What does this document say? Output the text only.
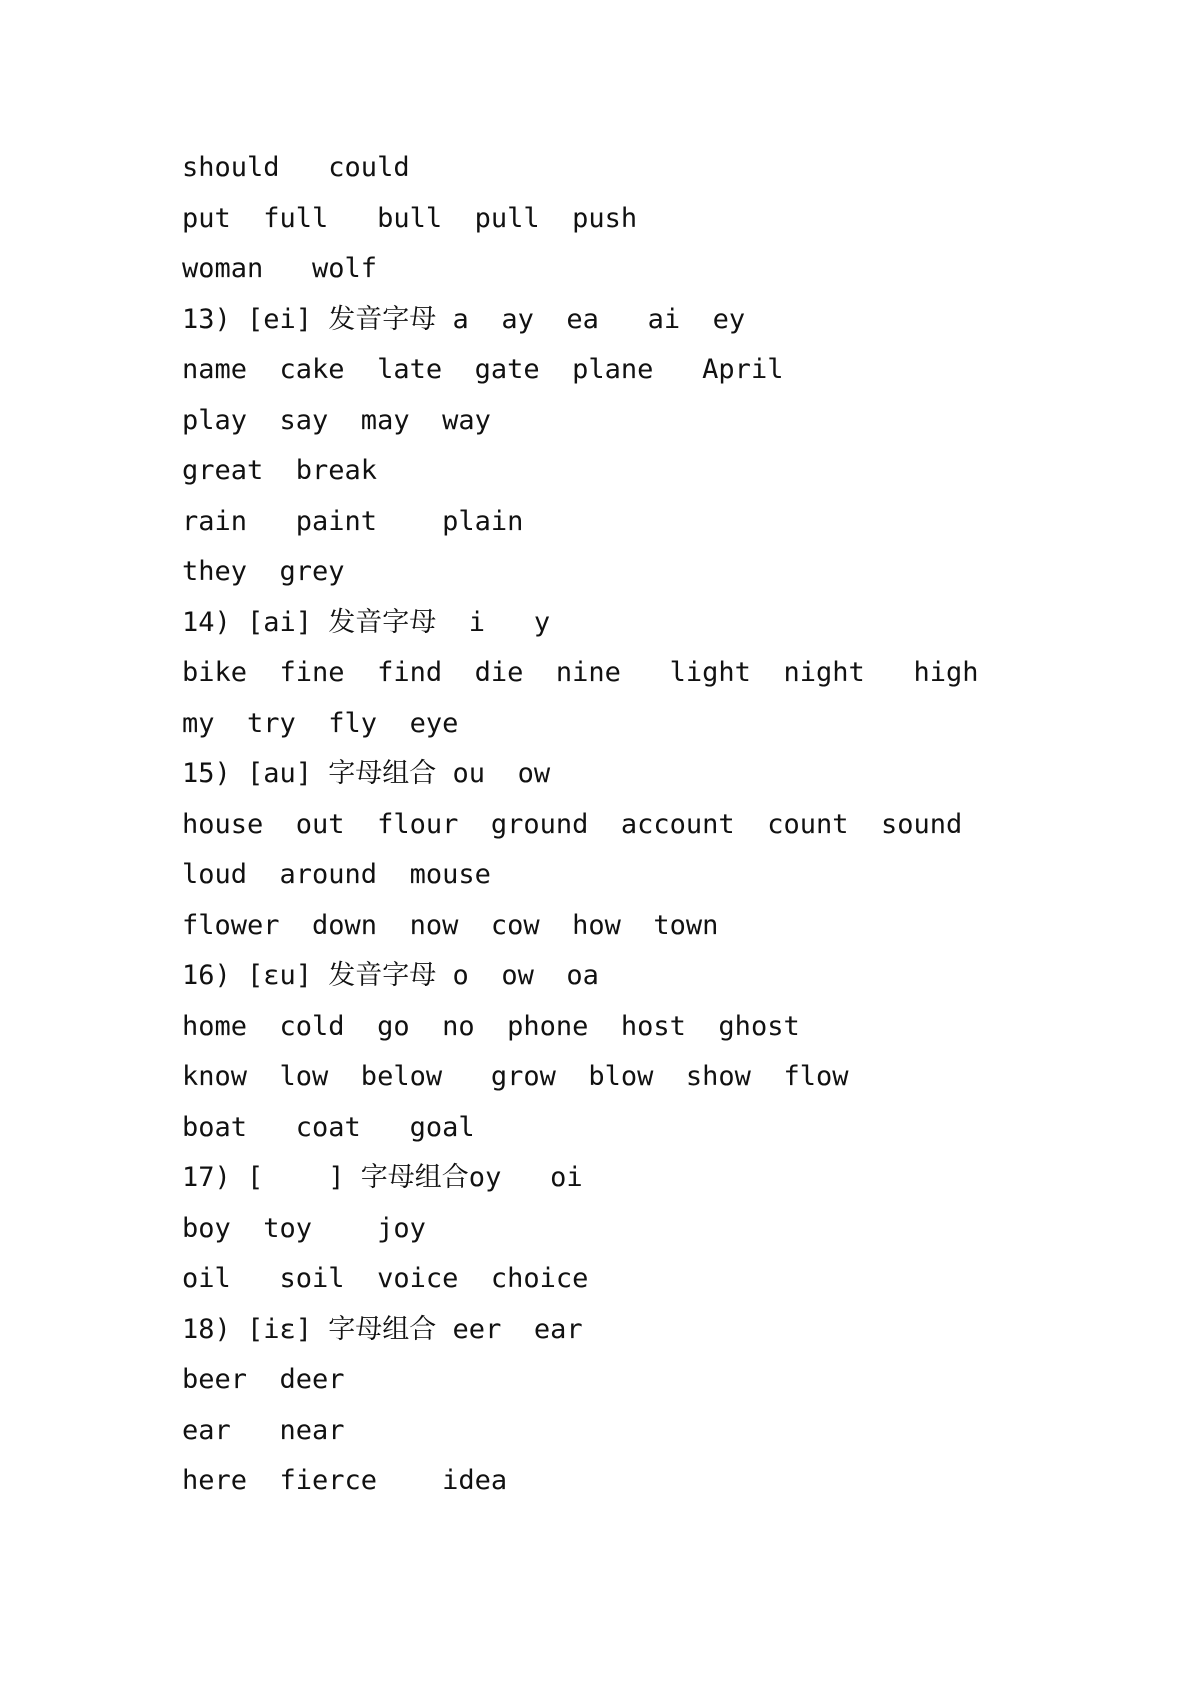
should   could
put  full   bull  pull  push
woman   wolf
13) [ei] 发音字母 a  ay  ea   ai  ey
name  cake  late  gate  plane   April
play  say  may  way
great  break
rain   paint    plain
they  grey
14) [ai] 发音字母  i   y
bike  fine  find  die  nine   light  night   high
my  try  fly  eye
15) [au] 字母组合 ou  ow
house  out  flour  ground  account  count  sound
loud  around  mouse
flower  down  now  cow  how  town
16) [εu] 发音字母 o  ow  oa
home  cold  go  no  phone  host  ghost
know  low  below   grow  blow  show  flow
boat   coat   goal
17) [    ] 字母组合oy   oi
boy  toy    joy
oil   soil  voice  choice
18) [iε] 字母组合 eer  ear
beer  deer
ear   near
here  fierce    idea
